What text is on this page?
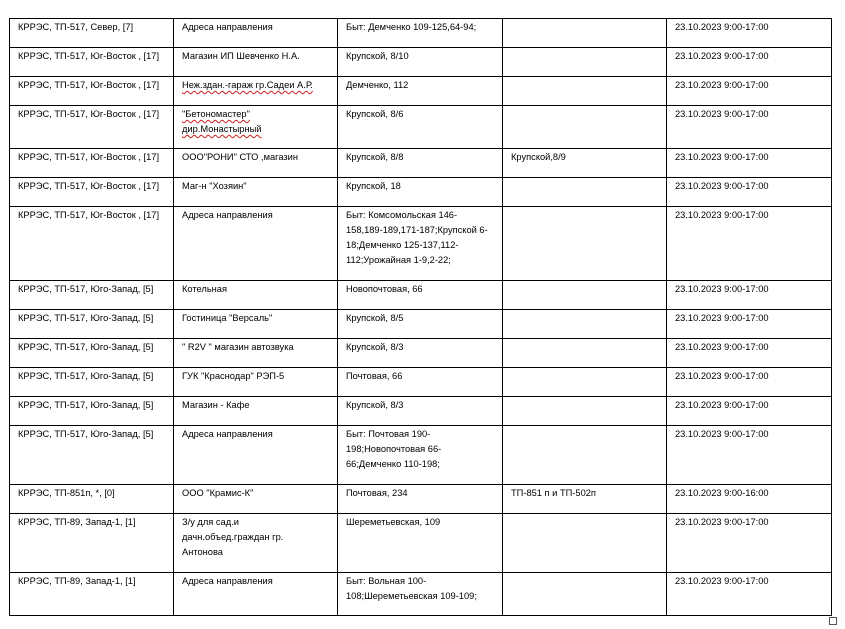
КРРЭС, ТП-517, Север, [7]	Адреса направления	Быт: Демченко 109-125,64-94;		23.10.2023 9:00-17:00
КРРЭС, ТП-517, Юг-Восток , [17]	Магазин ИП Шевченко Н.А.	Крупской, 8/10		23.10.2023 9:00-17:00
КРРЭС, ТП-517, Юг-Восток , [17]	Неж.здан.-гараж гр.Садеи А.Р.	Демченко, 112		23.10.2023 9:00-17:00
КРРЭС, ТП-517, Юг-Восток , [17]	"Бетономастер"
дир.Монастырный	Крупской, 8/6		23.10.2023 9:00-17:00
КРРЭС, ТП-517, Юг-Восток , [17]	ООО"РОНИ" СТО ,магазин	Крупской, 8/8	Крупской,8/9	23.10.2023 9:00-17:00
КРРЭС, ТП-517, Юг-Восток , [17]	Маг-н "Хозяин"	Крупской, 18		23.10.2023 9:00-17:00
КРРЭС, ТП-517, Юг-Восток , [17]	Адреса направления	Быт: Комсомольская 146-
158,189-189,171-187;Крупской 6-
18;Демченко 125-137,112-
112;Урожайная 1-9,2-22;		23.10.2023 9:00-17:00
КРРЭС, ТП-517, Юго-Запад, [5]	Котельная	Новопочтовая, 66		23.10.2023 9:00-17:00
КРРЭС, ТП-517, Юго-Запад, [5]	Гостиница "Версаль"	Крупской, 8/5		23.10.2023 9:00-17:00
КРРЭС, ТП-517, Юго-Запад, [5]	" R2V " магазин автозвука	Крупской, 8/3		23.10.2023 9:00-17:00
КРРЭС, ТП-517, Юго-Запад, [5]	ГУК "Краснодар" РЭП-5	Почтовая, 66		23.10.2023 9:00-17:00
КРРЭС, ТП-517, Юго-Запад, [5]	Магазин - Кафе	Крупской, 8/3		23.10.2023 9:00-17:00
КРРЭС, ТП-517, Юго-Запад, [5]	Адреса направления	Быт: Почтовая 190-
198;Новопочтовая 66-
66;Демченко 110-198;		23.10.2023 9:00-17:00
КРРЭС, ТП-851п, *, [0]	ООО "Крамис-К"	Почтовая, 234	ТП-851 п и ТП-502п	23.10.2023 9:00-16:00
КРРЭС, ТП-89, Запад-1, [1]	З/у для сад.и
дачн.объед.граждан гр.
Антонова	Шереметьевская, 109		23.10.2023 9:00-17:00
КРРЭС, ТП-89, Запад-1, [1]	Адреса направления	Быт: Вольная 100-
108;Шереметьевская 109-109;		23.10.2023 9:00-17:00
